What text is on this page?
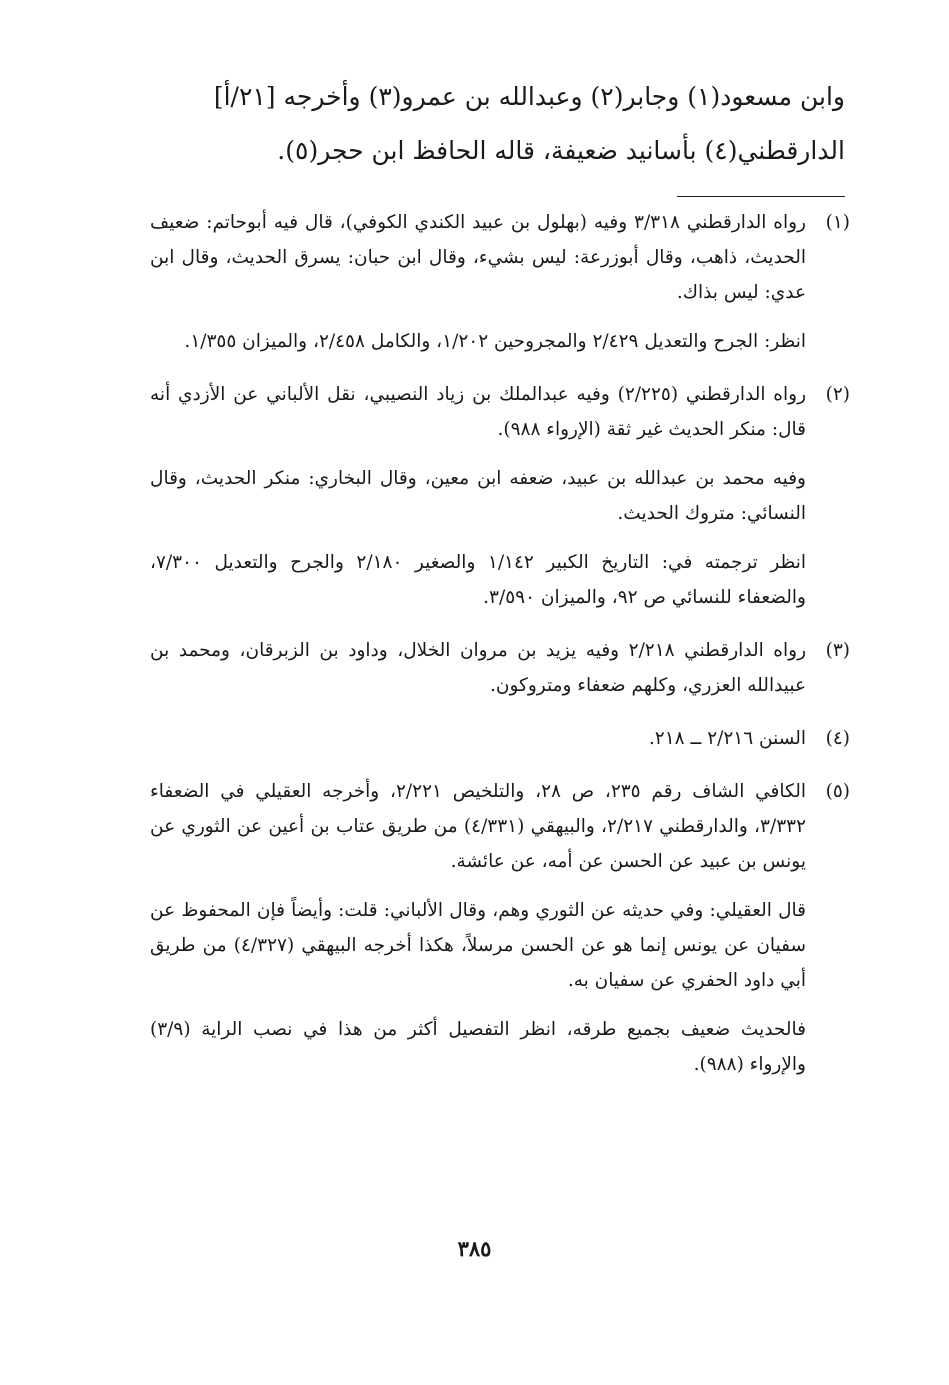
وابن مسعود(١) وجابر(٢) وعبدالله بن عمرو(٣) وأخرجه [٢١/أ]
الدارقطني(٤) بأسانيد ضعيفة، قاله الحافظ ابن حجر(٥).
(١)

رواه الدارقطني ٣/٣١٨ وفيه (بهلول بن عبيد الكندي الكوفي)، قال فيه أبوحاتم: ضعيف الحديث، ذاهب، وقال أبوزرعة: ليس بشيء، وقال ابن حبان: يسرق الحديث، وقال ابن عدي: ليس بذاك.

انظر: الجرح والتعديل ٢/٤٢٩ والمجروحين ١/٢٠٢، والكامل ٢/٤٥٨، والميزان ١/٣٥٥.

(٢)

رواه الدارقطني (٢/٢٢٥) وفيه عبدالملك بن زياد النصيبي، نقل الألباني عن الأزدي أنه قال: منكر الحديث غير ثقة (الإرواء ٩٨٨).

وفيه محمد بن عبدالله بن عبيد، ضعفه ابن معين، وقال البخاري: منكر الحديث، وقال النسائي: متروك الحديث.

انظر ترجمته في: التاريخ الكبير ١/١٤٢ والصغير ٢/١٨٠ والجرح والتعديل ٧/٣٠٠، والضعفاء للنسائي ص ٩٢، والميزان ٣/٥٩٠.

(٣)

رواه الدارقطني ٢/٢١٨ وفيه يزيد بن مروان الخلال، وداود بن الزبرقان، ومحمد بن عبيدالله العزري، وكلهم ضعفاء ومتروكون.

(٤)

السنن ٢/٢١٦ ــ ٢١٨.

(٥)

الكافي الشاف رقم ٢٣٥، ص ٢٨، والتلخيص ٢/٢٢١، وأخرجه العقيلي في الضعفاء ٣/٣٣٢، والدارقطني ٢/٢١٧، والبيهقي (٤/٣٣١) من طريق عتاب بن أعين عن الثوري عن يونس بن عبيد عن الحسن عن أمه، عن عائشة.

قال العقيلي: وفي حديثه عن الثوري وهم، وقال الألباني: قلت: وأيضاً فإن المحفوظ عن سفيان عن يونس إنما هو عن الحسن مرسلاً، هكذا أخرجه البيهقي (٤/٣٢٧) من طريق أبي داود الحفري عن سفيان به.

فالحديث ضعيف بجميع طرقه، انظر التفصيل أكثر من هذا في نصب الراية (٣/٩) والإرواء (٩٨٨).

٣٨٥
